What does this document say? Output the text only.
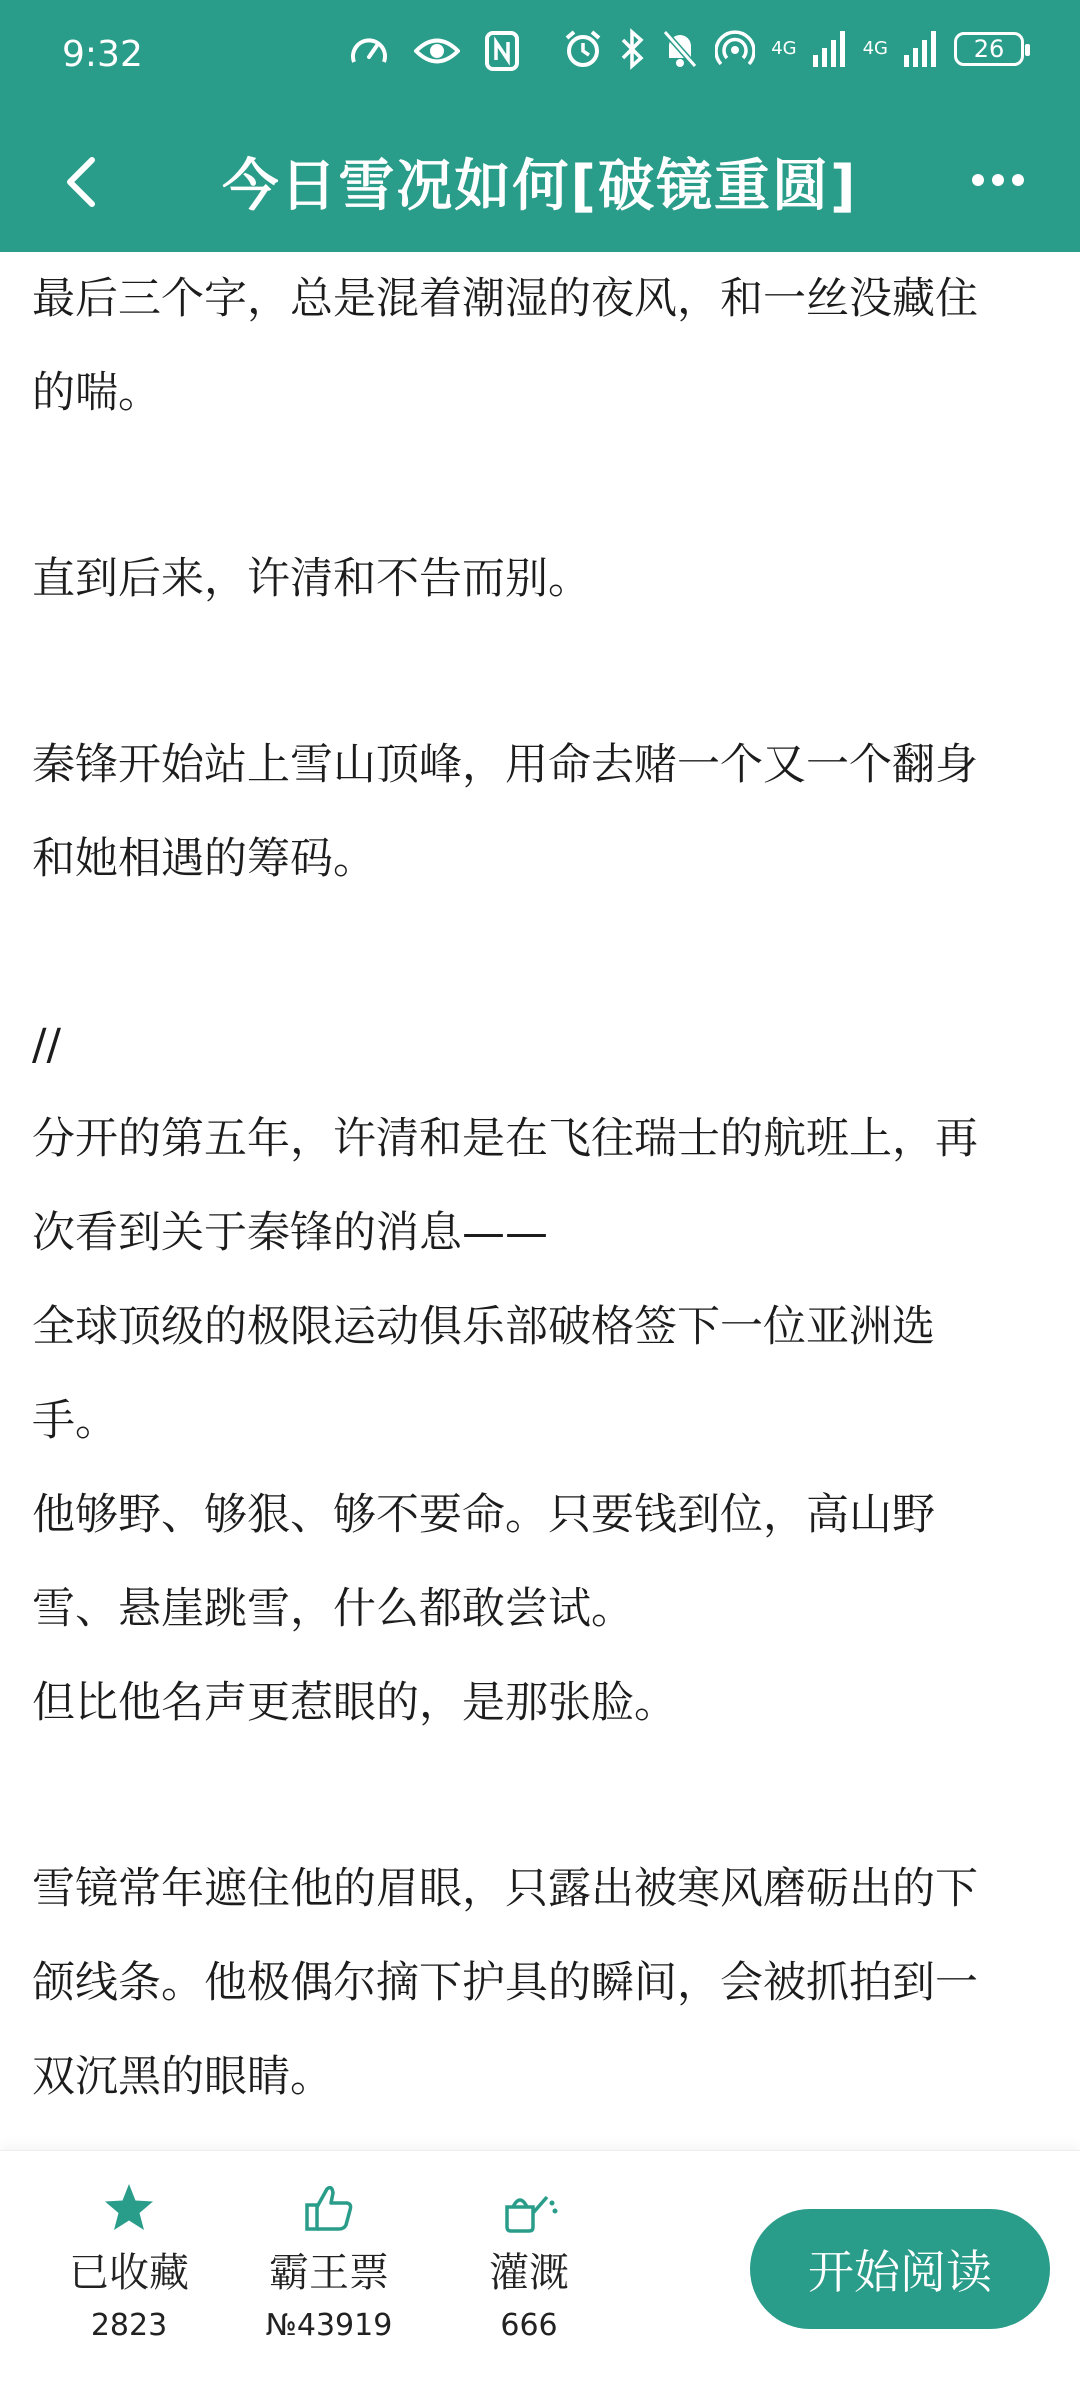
9:32	4G	4G	26
今日雪况如何[破镜重圆]

最后三个字，总是混着潮湿的夜风，和一丝没藏住

的喘。

直到后来，许清和不告而别。

秦锋开始站上雪山顶峰，用命去赌一个又一个翻身

和她相遇的筹码。

//

分开的第五年，许清和是在飞往瑞士的航班上，再

次看到关于秦锋的消息——

全球顶级的极限运动俱乐部破格签下一位亚洲选

手。

他够野、够狠、够不要命。只要钱到位，高山野

雪、悬崖跳雪，什么都敢尝试。

但比他名声更惹眼的，是那张脸。

雪镜常年遮住他的眉眼，只露出被寒风磨砺出的下

颌线条。他极偶尔摘下护具的瞬间，会被抓拍到一

双沉黑的眼睛。

已收藏
2823
霸王票
№43919
灌溉
666
开始阅读
